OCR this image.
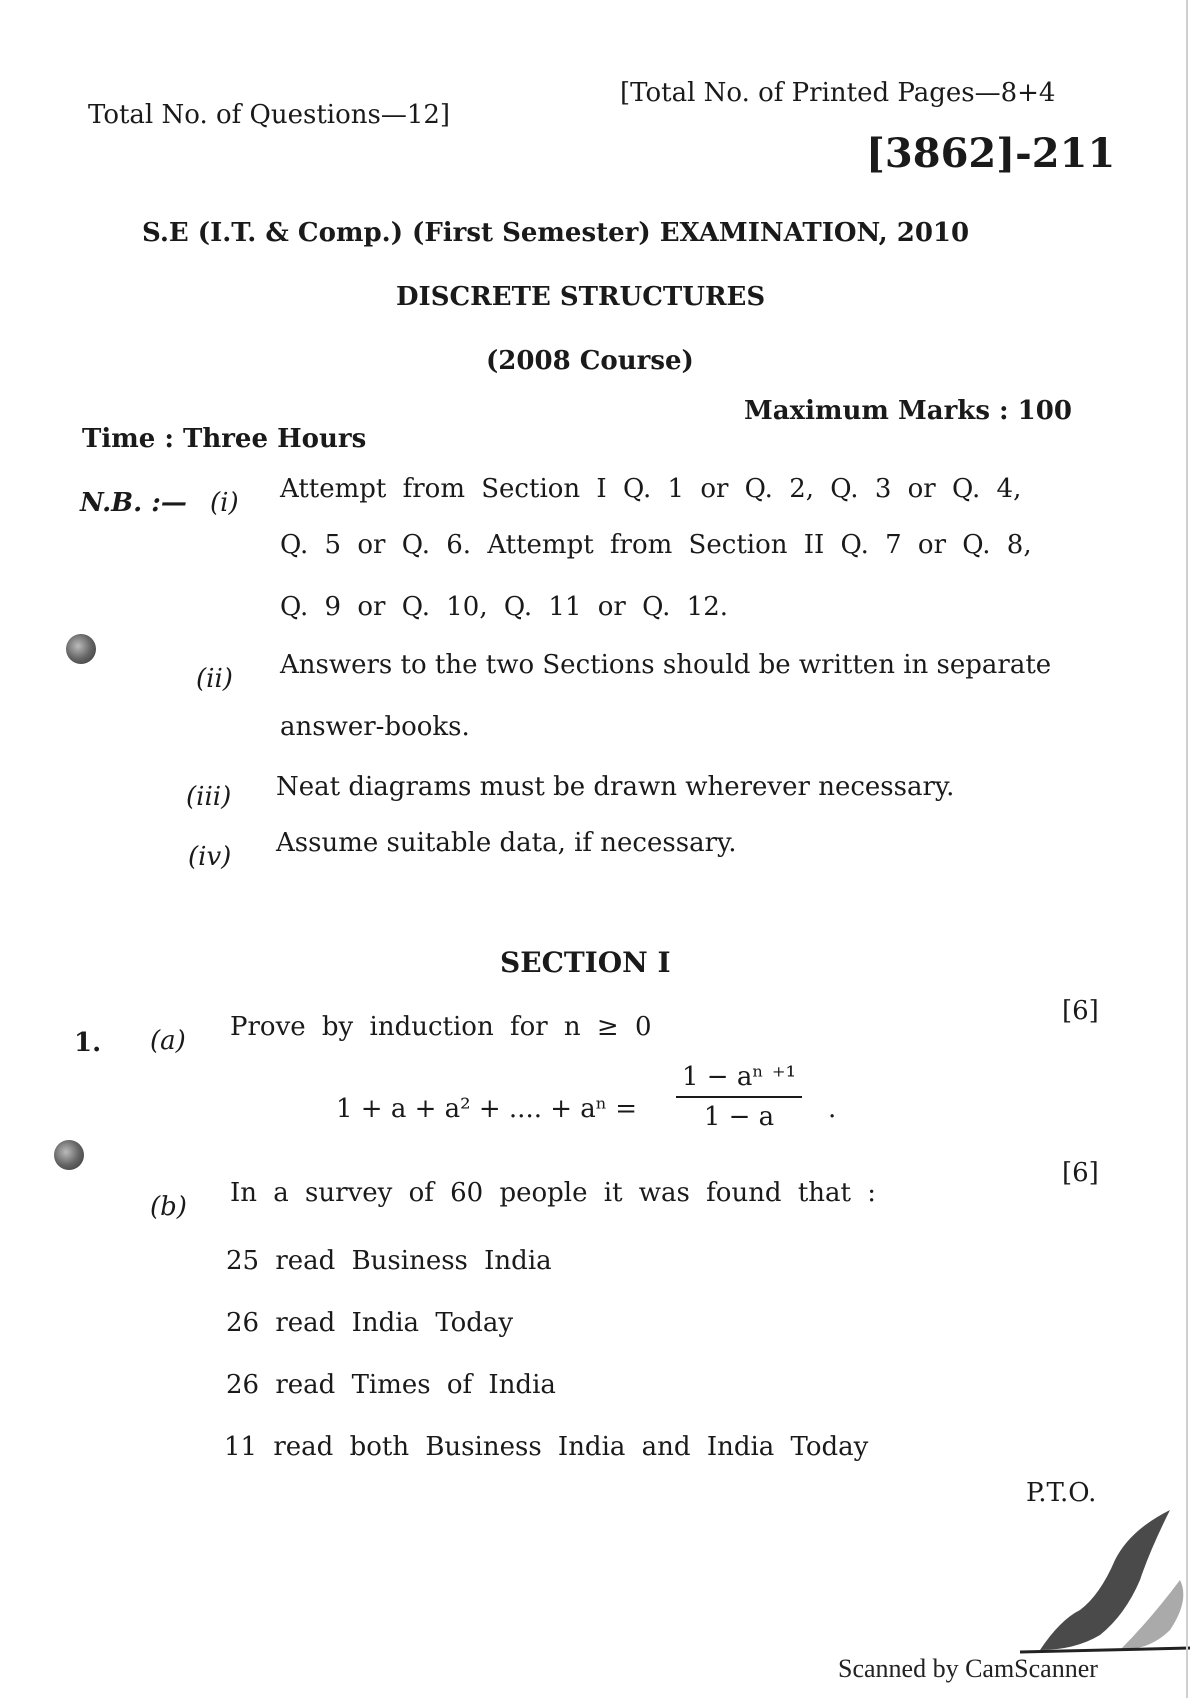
Total No. of Questions—12]
[Total No. of Printed Pages—8+4
[3862]-211
S.E (I.T. & Comp.) (First Semester) EXAMINATION, 2010
DISCRETE STRUCTURES
(2008 Course)
Time : Three Hours
Maximum Marks : 100
N.B. :— (i) Attempt from Section I Q. 1 or Q. 2, Q. 3 or Q. 4,
Q. 5 or Q. 6. Attempt from Section II Q. 7 or Q. 8,
Q. 9 or Q. 10, Q. 11 or Q. 12.
(ii) Answers to the two Sections should be written in separate
answer-books.
(iii) Neat diagrams must be drawn wherever necessary.
(iv) Assume suitable data, if necessary.
SECTION I
1. (a) Prove by induction for n ≥ 0
[6]
1 + a + a² + .... + aⁿ =
1 − aⁿ ⁺¹
1 − a	.
(b) In a survey of 60 people it was found that :
[6]
25 read Business India
26 read India Today
26 read Times of India
11 read both Business India and India Today
P.T.O.
Scanned by CamScanner
